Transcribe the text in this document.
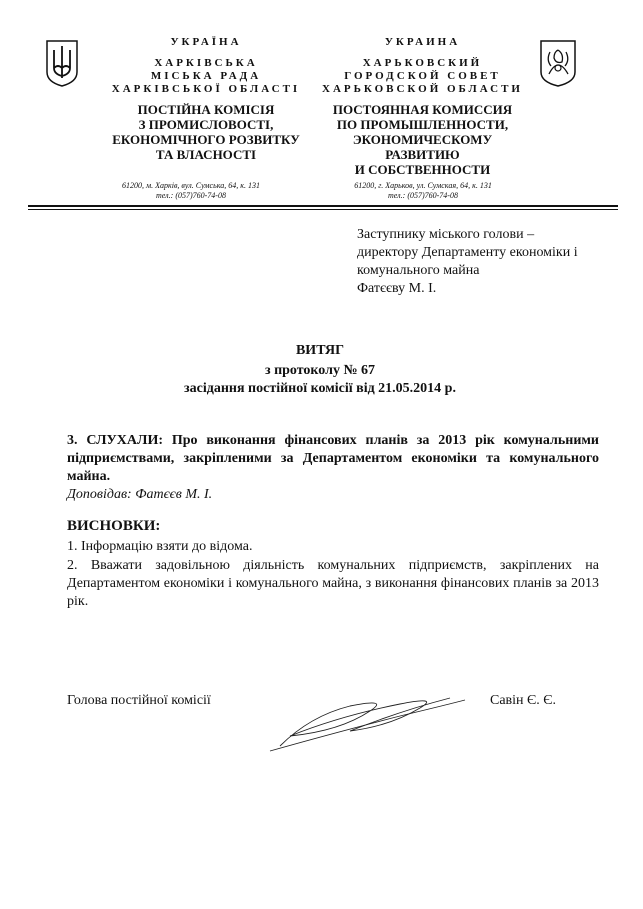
УКРАЇНА
ХАРКІВСЬКА
МІСЬКА РАДА
ХАРКІВСЬКОЇ ОБЛАСТІ
ПОСТІЙНА КОМІСІЯ
З ПРОМИСЛОВОСТІ,
ЕКОНОМІЧНОГО РОЗВИТКУ
ТА ВЛАСНОСТІ
61200, м. Харків, вул. Сумська, 64, к. 131
тел.: (057)760-74-08
УКРАИНА
ХАРЬКОВСКИЙ
ГОРОДСКОЙ СОВЕТ
ХАРЬКОВСКОЙ ОБЛАСТИ
ПОСТОЯННАЯ КОМИССИЯ
ПО ПРОМЫШЛЕННОСТИ,
ЭКОНОМИЧЕСКОМУ
РАЗВИТИЮ
И СОБСТВЕННОСТИ
61200, г. Харьков, ул. Сумская, 64, к. 131
тел.: (057)760-74-08
Заступнику міського голови –
директору Департаменту економіки і
комунального майна
Фатєєву М. І.
ВИТЯГ
з протоколу № 67
засідання постійної комісії від 21.05.2014 р.
3. СЛУХАЛИ: Про виконання фінансових планів за 2013 рік комунальними підприємствами, закріпленими за Департаментом економіки та комунального майна.
Доповідав: Фатєєв М. І.
ВИСНОВКИ:
1. Інформацію взяти до відома.
2. Вважати задовільною діяльність комунальних підприємств, закріплених на Департаментом економіки і комунального майна, з виконання фінансових планів за 2013 рік.
Голова постійної комісії	Савін Є. Є.
